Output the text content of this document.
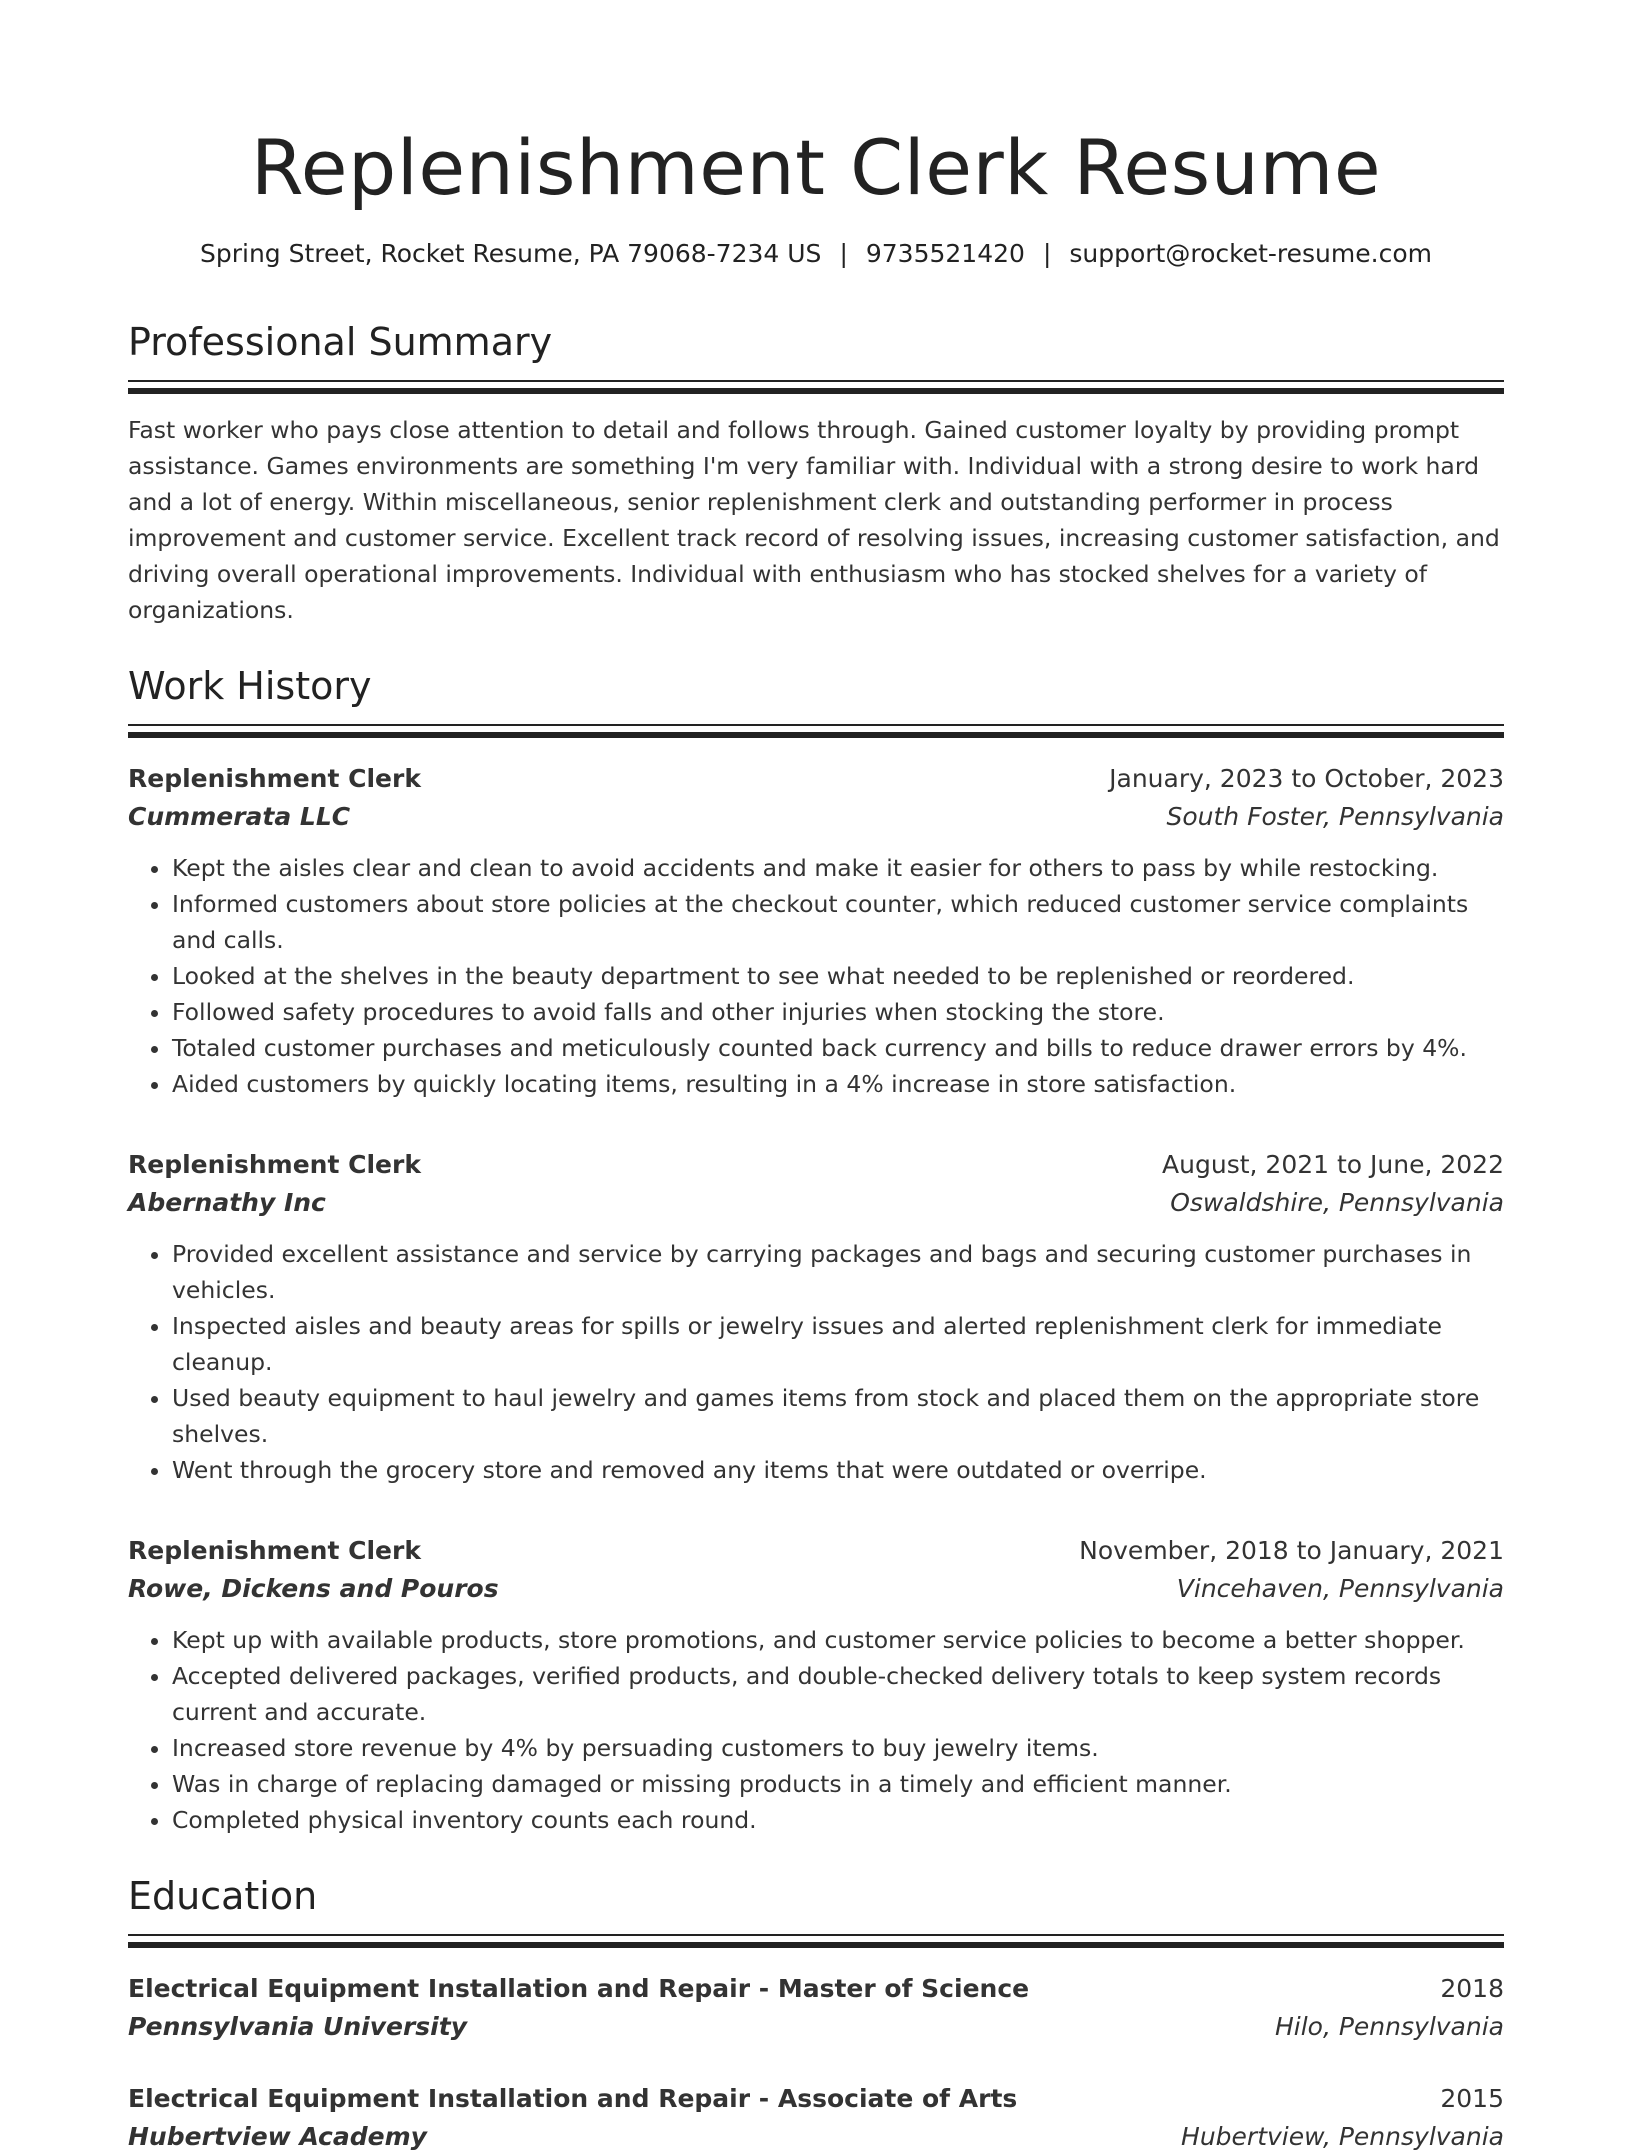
Replenishment Clerk Resume
Spring Street, Rocket Resume, PA 79068-7234 US | 9735521420 | support@rocket-resume.com
Professional Summary

Fast worker who pays close attention to detail and follows through. Gained customer loyalty by providing prompt assistance. Games environments are something I'm very familiar with. Individual with a strong desire to work hard and a lot of energy. Within miscellaneous, senior replenishment clerk and outstanding performer in process improvement and customer service. Excellent track record of resolving issues, increasing customer satisfaction, and driving overall operational improvements. Individual with enthusiasm who has stocked shelves for a variety of organizations.

Work History
Replenishment Clerk	January, 2023 to October, 2023
Cummerata LLC	South Foster, Pennsylvania
• Kept the aisles clear and clean to avoid accidents and make it easier for others to pass by while restocking.
• Informed customers about store policies at the checkout counter, which reduced customer service complaints and calls.
• Looked at the shelves in the beauty department to see what needed to be replenished or reordered.
• Followed safety procedures to avoid falls and other injuries when stocking the store.
• Totaled customer purchases and meticulously counted back currency and bills to reduce drawer errors by 4%.
• Aided customers by quickly locating items, resulting in a 4% increase in store satisfaction.
Replenishment Clerk	August, 2021 to June, 2022
Abernathy Inc	Oswaldshire, Pennsylvania
• Provided excellent assistance and service by carrying packages and bags and securing customer purchases in vehicles.
• Inspected aisles and beauty areas for spills or jewelry issues and alerted replenishment clerk for immediate cleanup.
• Used beauty equipment to haul jewelry and games items from stock and placed them on the appropriate store shelves.
• Went through the grocery store and removed any items that were outdated or overripe.
Replenishment Clerk	November, 2018 to January, 2021
Rowe, Dickens and Pouros	Vincehaven, Pennsylvania
• Kept up with available products, store promotions, and customer service policies to become a better shopper.
• Accepted delivered packages, verified products, and double-checked delivery totals to keep system records current and accurate.
• Increased store revenue by 4% by persuading customers to buy jewelry items.
• Was in charge of replacing damaged or missing products in a timely and efficient manner.
• Completed physical inventory counts each round.
Education
Electrical Equipment Installation and Repair - Master of Science	2018
Pennsylvania University	Hilo, Pennsylvania
Electrical Equipment Installation and Repair - Associate of Arts	2015
Hubertview Academy	Hubertview, Pennsylvania
